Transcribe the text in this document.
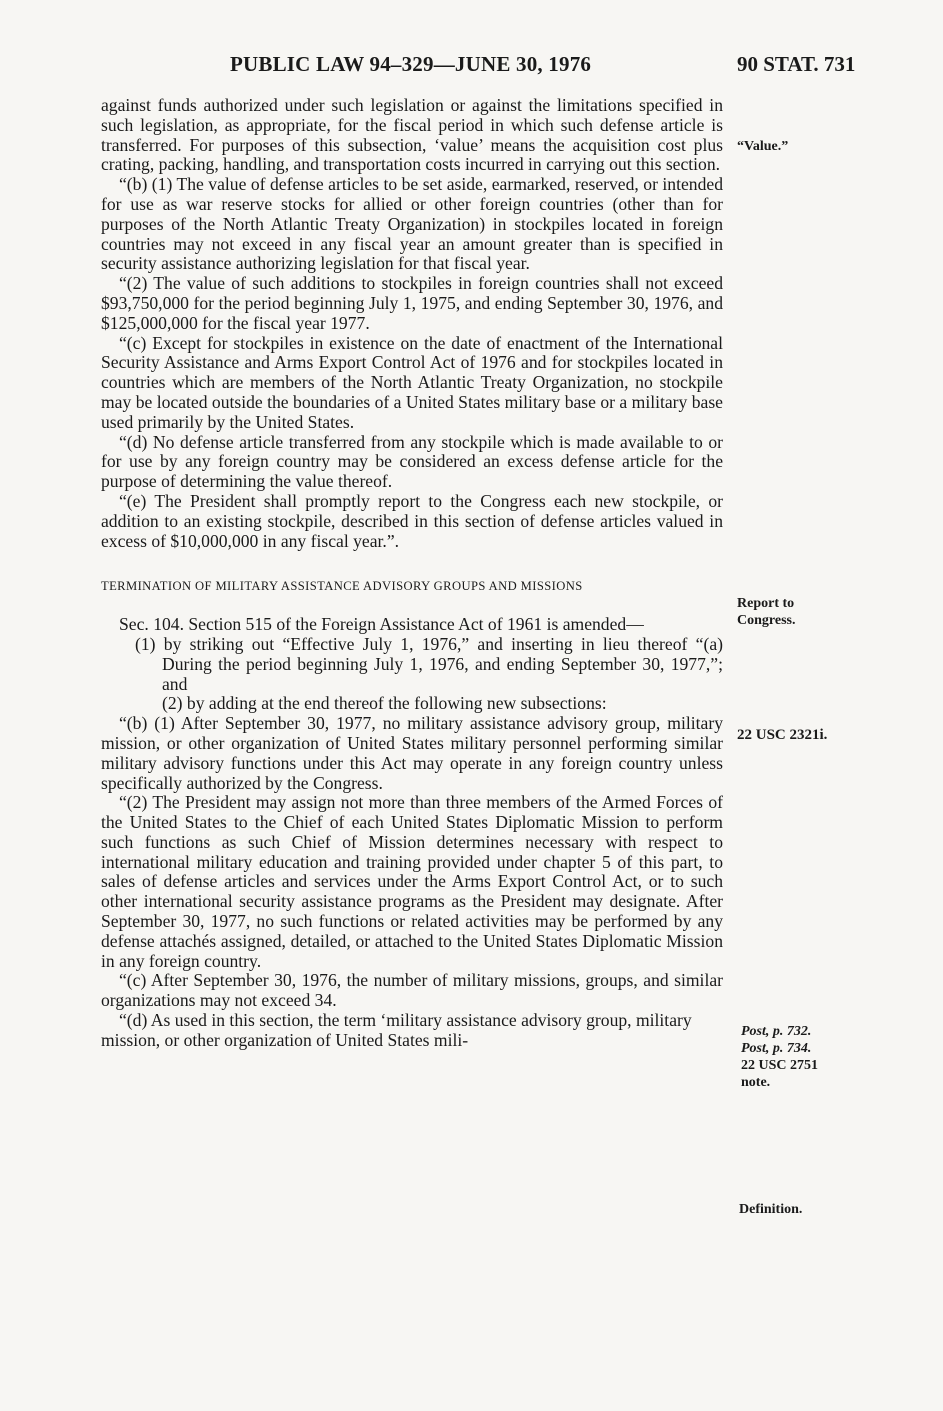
PUBLIC LAW 94–329—JUNE 30, 1976	90 STAT. 731

against funds authorized under such legislation or against the limitations specified in such legislation, as appropriate, for the fiscal period in which such defense article is transferred. For purposes of this subsection, ‘value’ means the acquisition cost plus crating, packing, handling, and transportation costs incurred in carrying out this section.

“(b) (1) The value of defense articles to be set aside, earmarked, reserved, or intended for use as war reserve stocks for allied or other foreign countries (other than for purposes of the North Atlantic Treaty Organization) in stockpiles located in foreign countries may not exceed in any fiscal year an amount greater than is specified in security assistance authorizing legislation for that fiscal year.

“(2) The value of such additions to stockpiles in foreign countries shall not exceed $93,750,000 for the period beginning July 1, 1975, and ending September 30, 1976, and $125,000,000 for the fiscal year 1977.

“(c) Except for stockpiles in existence on the date of enactment of the International Security Assistance and Arms Export Control Act of 1976 and for stockpiles located in countries which are members of the North Atlantic Treaty Organization, no stockpile may be located outside the boundaries of a United States military base or a military base used primarily by the United States.

“(d) No defense article transferred from any stockpile which is made available to or for use by any foreign country may be considered an excess defense article for the purpose of determining the value thereof.

“(e) The President shall promptly report to the Congress each new stockpile, or addition to an existing stockpile, described in this section of defense articles valued in excess of $10,000,000 in any fiscal year.”.

TERMINATION OF MILITARY ASSISTANCE ADVISORY GROUPS AND MISSIONS

Sec. 104. Section 515 of the Foreign Assistance Act of 1961 is amended—

(1) by striking out “Effective July 1, 1976,” and inserting in lieu thereof “(a) During the period beginning July 1, 1976, and ending September 30, 1977,”; and

(2) by adding at the end thereof the following new subsections:

“(b) (1) After September 30, 1977, no military assistance advisory group, military mission, or other organization of United States military personnel performing similar military advisory functions under this Act may operate in any foreign country unless specifically authorized by the Congress.

“(2) The President may assign not more than three members of the Armed Forces of the United States to the Chief of each United States Diplomatic Mission to perform such functions as such Chief of Mission determines necessary with respect to international military education and training provided under chapter 5 of this part, to sales of defense articles and services under the Arms Export Control Act, or to such other international security assistance programs as the President may designate. After September 30, 1977, no such functions or related activities may be performed by any defense attachés assigned, detailed, or attached to the United States Diplomatic Mission in any foreign country.

“(c) After September 30, 1976, the number of military missions, groups, and similar organizations may not exceed 34.

“(d) As used in this section, the term ‘military assistance advisory group, military mission, or other organization of United States mili-

“Value.”
Report to
Congress.
22 USC 2321i.
Post, p. 732.
Post, p. 734.
22 USC 2751
note.
Definition.
